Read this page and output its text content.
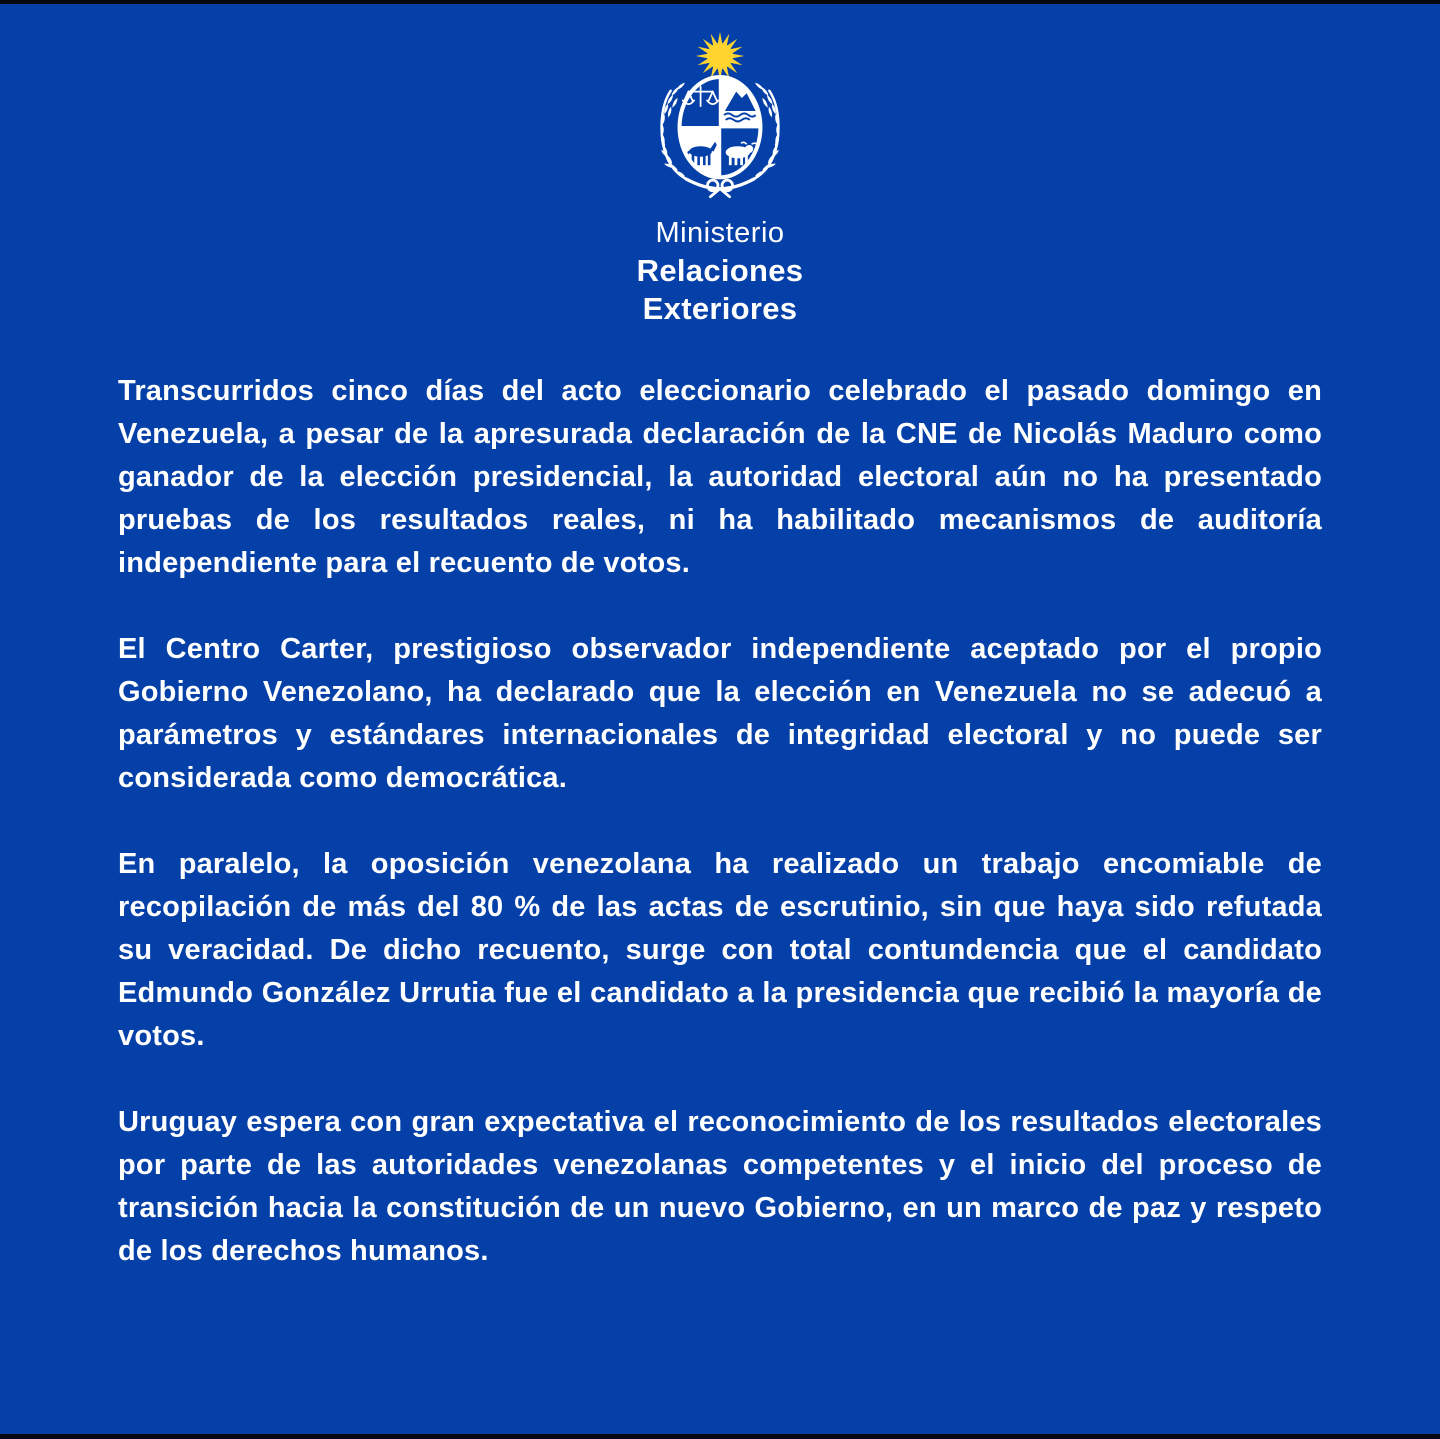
Ministerio
Relaciones
Exteriores

Transcurridos cinco días del acto eleccionario celebrado el pasado domingo en Venezuela, a pesar de la apresurada declaración de la CNE de Nicolás Maduro como ganador de la elección presidencial, la autoridad electoral aún no ha presentado pruebas de los resultados reales, ni ha habilitado mecanismos de auditoría independiente para el recuento de votos.

El Centro Carter, prestigioso observador independiente aceptado por el propio Gobierno Venezolano, ha declarado que la elección en Venezuela no se adecuó a parámetros y estándares internacionales de integridad electoral y no puede ser considerada como democrática.

En paralelo, la oposición venezolana ha realizado un trabajo encomiable de recopilación de más del 80 % de las actas de escrutinio, sin que haya sido refutada su veracidad. De dicho recuento, surge con total contundencia que el candidato Edmundo González Urrutia fue el candidato a la presidencia que recibió la mayoría de votos.

Uruguay espera con gran expectativa el reconocimiento de los resultados electorales por parte de las autoridades venezolanas competentes y el inicio del proceso de transición hacia la constitución de un nuevo Gobierno, en un marco de paz y respeto de los derechos humanos.
